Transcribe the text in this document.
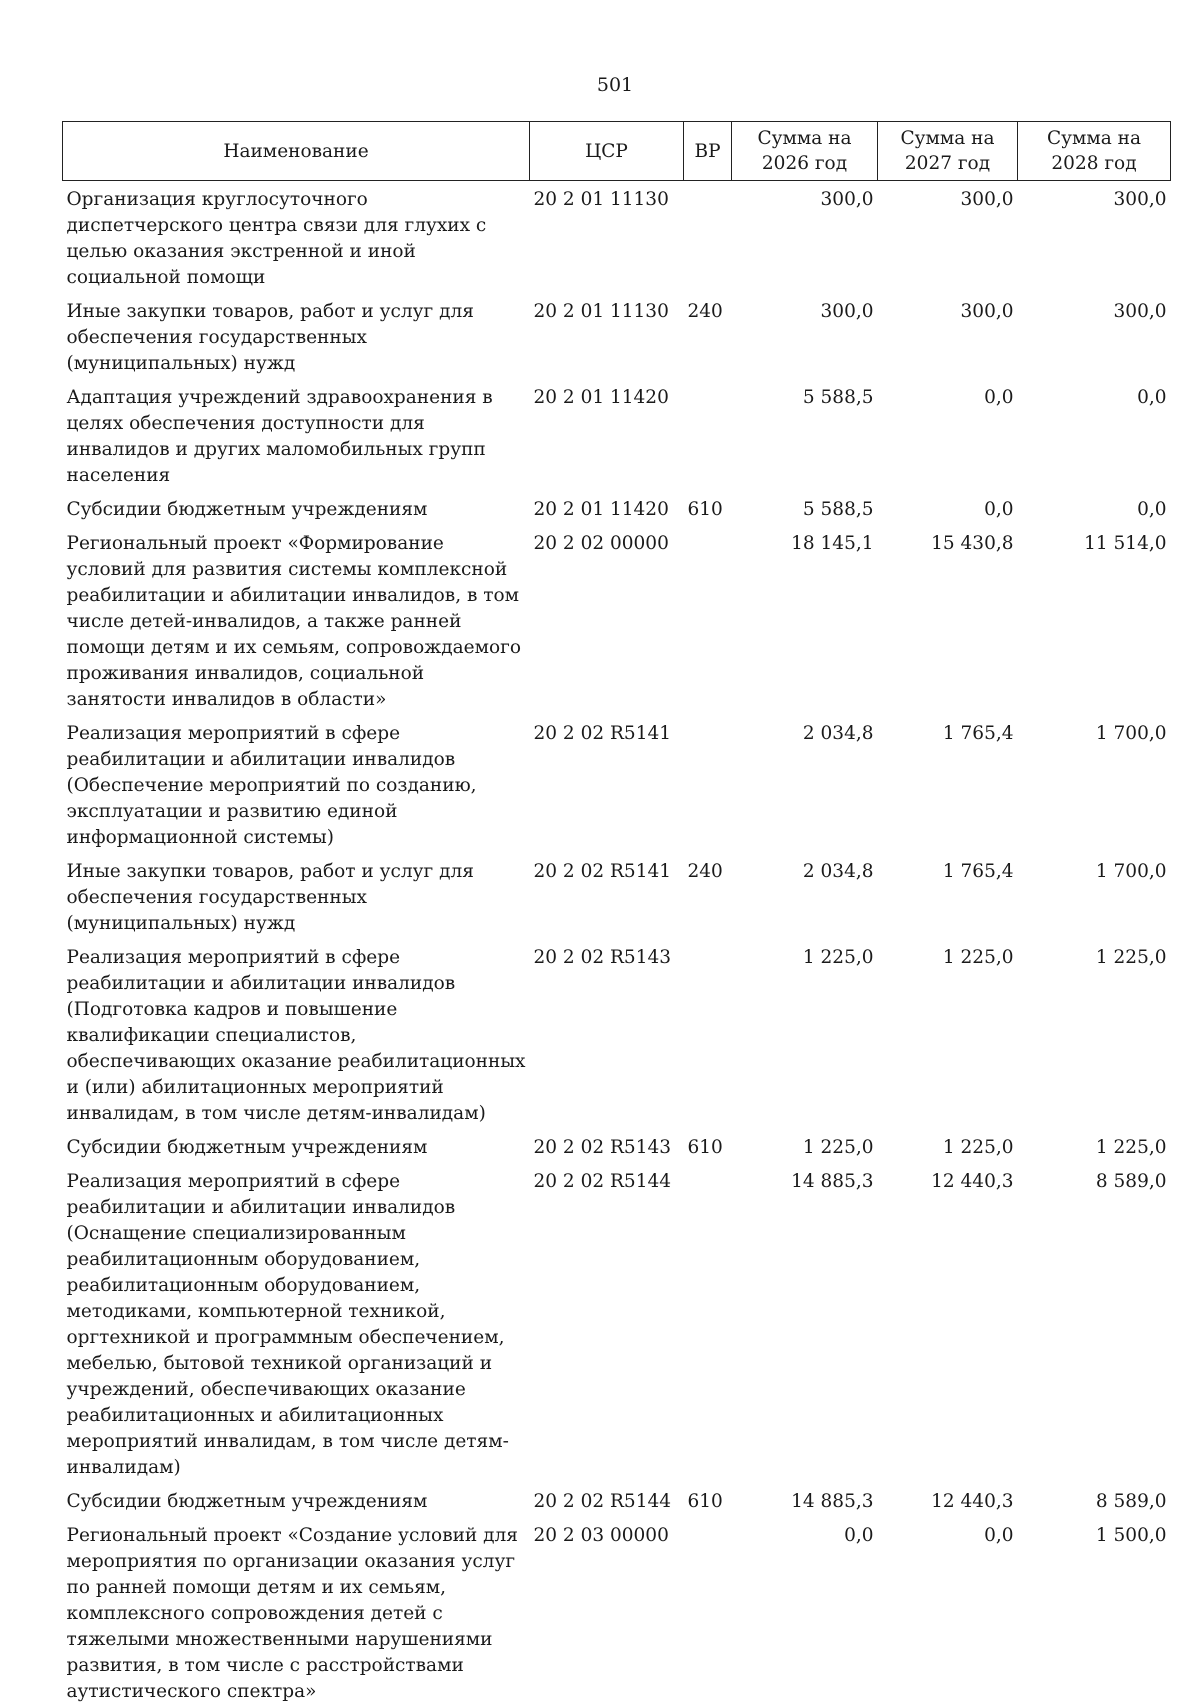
501
Наименование	ЦСР	ВР	Сумма на 2026 год	Сумма на 2027 год	Сумма на 2028 год
Организация круглосуточного диспетчерского центра связи для глухих с целью оказания экстренной и иной социальной помощи	20 2 01 11130		300,0	300,0	300,0
Иные закупки товаров, работ и услуг для обеспечения государственных (муниципальных) нужд	20 2 01 11130	240	300,0	300,0	300,0
Адаптация учреждений здравоохранения в целях обеспечения доступности для инвалидов и других маломобильных групп населения	20 2 01 11420		5 588,5	0,0	0,0
Субсидии бюджетным учреждениям	20 2 01 11420	610	5 588,5	0,0	0,0
Региональный проект «Формирование условий для развития системы комплексной реабилитации и абилитации инвалидов, в том числе детей-инвалидов, а также ранней помощи детям и их семьям, сопровождаемого проживания инвалидов, социальной занятости инвалидов в области»	20 2 02 00000		18 145,1	15 430,8	11 514,0
Реализация мероприятий в сфере реабилитации и абилитации инвалидов (Обеспечение мероприятий по созданию, эксплуатации и развитию единой информационной системы)	20 2 02 R5141		2 034,8	1 765,4	1 700,0
Иные закупки товаров, работ и услуг для обеспечения государственных (муниципальных) нужд	20 2 02 R5141	240	2 034,8	1 765,4	1 700,0
Реализация мероприятий в сфере реабилитации и абилитации инвалидов (Подготовка кадров и повышение квалификации специалистов, обеспечивающих оказание реабилитационных и (или) абилитационных мероприятий инвалидам, в том числе детям-инвалидам)	20 2 02 R5143		1 225,0	1 225,0	1 225,0
Субсидии бюджетным учреждениям	20 2 02 R5143	610	1 225,0	1 225,0	1 225,0
Реализация мероприятий в сфере реабилитации и абилитации инвалидов (Оснащение специализированным реабилитационным оборудованием, реабилитационным оборудованием, методиками, компьютерной техникой, оргтехникой и программным обеспечением, мебелью, бытовой техникой организаций и учреждений, обеспечивающих оказание реабилитационных и абилитационных мероприятий инвалидам, в том числе детям-инвалидам)	20 2 02 R5144		14 885,3	12 440,3	8 589,0
Субсидии бюджетным учреждениям	20 2 02 R5144	610	14 885,3	12 440,3	8 589,0
Региональный проект «Создание условий для мероприятия по организации оказания услуг по ранней помощи детям и их семьям, комплексного сопровождения детей с тяжелыми множественными нарушениями развития, в том числе с расстройствами аутистического спектра»	20 2 03 00000		0,0	0,0	1 500,0
